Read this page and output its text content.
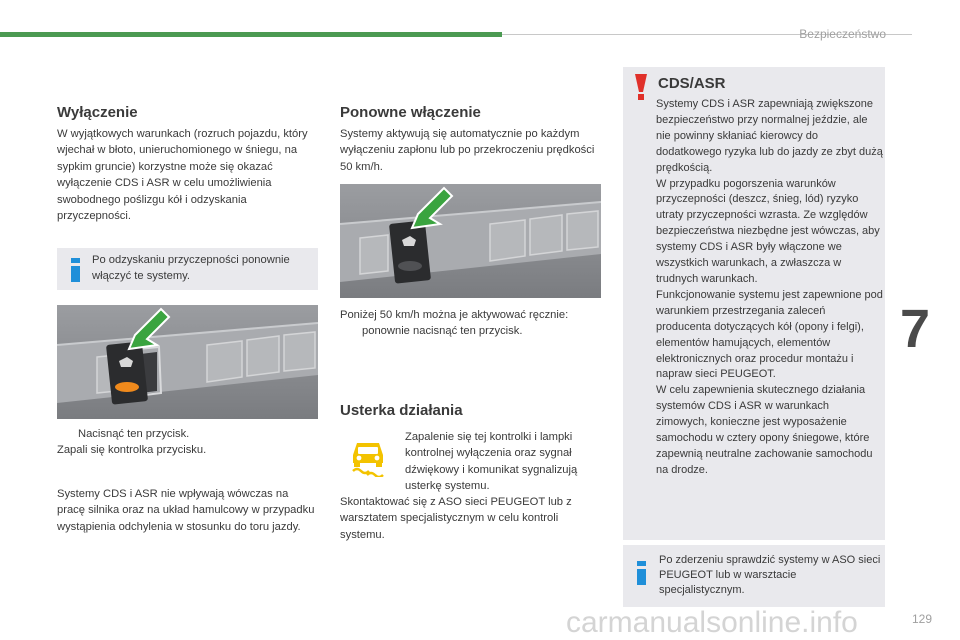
Bezpieczeństwo
7
Wyłączenie
W wyjątkowych warunkach (rozruch pojazdu, który wjechał w błoto, unieruchomionego w śniegu, na sypkim gruncie) korzystne może się okazać wyłączenie CDS i ASR w celu umożliwienia swobodnego poślizgu kół i odzyskania przyczepności.
Po odzyskaniu przyczepności ponownie włączyć te systemy.
Nacisnąć ten przycisk.
Zapali się kontrolka przycisku.
Systemy CDS i ASR nie wpływają wówczas na pracę silnika oraz na układ hamulcowy w przypadku wystąpienia odchylenia w stosunku do toru jazdy.
Ponowne włączenie
Systemy aktywują się automatycznie po każdym wyłączeniu zapłonu lub po przekroczeniu prędkości 50 km/h.
Poniżej 50 km/h można je aktywować ręcznie:
ponownie nacisnąć ten przycisk.
Usterka działania
Zapalenie się tej kontrolki i lampki kontrolnej wyłączenia oraz sygnał dźwiękowy i komunikat sygnalizują usterkę systemu.
Skontaktować się z ASO sieci PEUGEOT lub z warsztatem specjalistycznym w celu kontroli systemu.
CDS/ASR
Systemy CDS i ASR zapewniają zwiększone bezpieczeństwo przy normalnej jeździe, ale nie powinny skłaniać kierowcy do dodatkowego ryzyka lub do jazdy ze zbyt dużą prędkością.
W przypadku pogorszenia warunków przyczepności (deszcz, śnieg, lód) ryzyko utraty przyczepności wzrasta. Ze względów bezpieczeństwa niezbędne jest wówczas, aby systemy CDS i ASR były włączone we wszystkich warunkach, a zwłaszcza w trudnych warunkach.
Funkcjonowanie systemu jest zapewnione pod warunkiem przestrzegania zaleceń producenta dotyczących kół (opony i felgi), elementów hamujących, elementów elektronicznych oraz procedur montażu i napraw sieci PEUGEOT.
W celu zapewnienia skutecznego działania systemów CDS i ASR w warunkach zimowych, konieczne jest wyposażenie samochodu w cztery opony śniegowe, które zapewnią neutralne zachowanie samochodu na drodze.
Po zderzeniu sprawdzić systemy w ASO sieci PEUGEOT lub w warsztacie specjalistycznym.
carmanualsonline.info	129
